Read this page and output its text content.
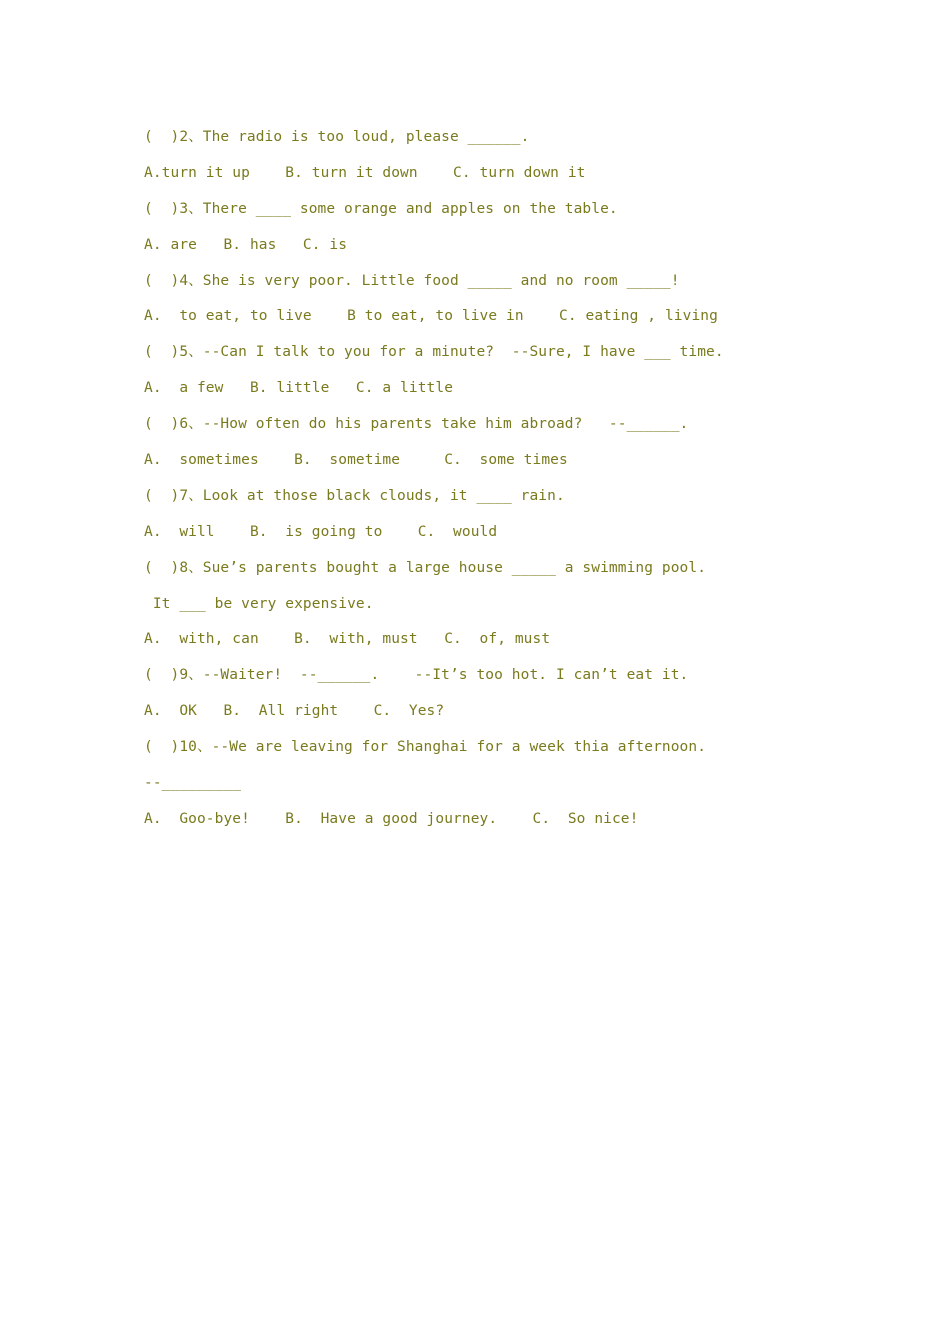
(  )2、The radio is too loud, please ______.
A.turn it up    B. turn it down    C. turn down it
(  )3、There ____ some orange and apples on the table.
A. are   B. has   C. is
(  )4、She is very poor. Little food _____ and no room _____!
A.  to eat, to live    B to eat, to live in    C. eating , living
(  )5、--Can I talk to you for a minute?  --Sure, I have ___ time.
A.  a few   B. little   C. a little
(  )6、--How often do his parents take him abroad?   --______.
A.  sometimes    B.  sometime     C.  some times
(  )7、Look at those black clouds, it ____ rain.
A.  will    B.  is going to    C.  would
(  )8、Sue’s parents bought a large house _____ a swimming pool.
It ___ be very expensive.
A.  with, can    B.  with, must   C.  of, must
(  )9、--Waiter!  --______.    --It’s too hot. I can’t eat it.
A.  OK   B.  All right    C.  Yes?
(  )10、--We are leaving for Shanghai for a week thia afternoon.
--_________
A.  Goo-bye!    B.  Have a good journey.    C.  So nice!
